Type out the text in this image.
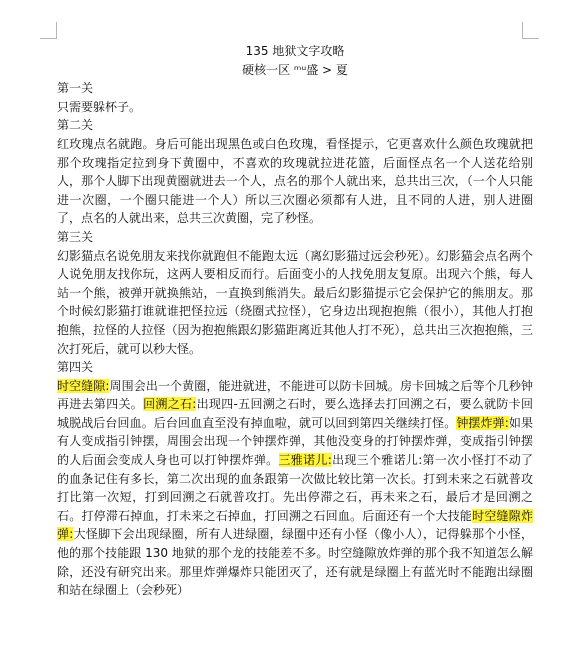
135 地狱文字攻略
硬核一区 ᵐᵘ盛 > 夏
第一关

只需要躲杯子。

第二关

红玫瑰点名就跑。身后可能出现黑色或白色玫瑰，看怪提示，它更喜欢什么颜色玫瑰就把那个玫瑰指定拉到身下黄圈中，不喜欢的玫瑰就拉进花篮，后面怪点名一个人送花给别人，那个人脚下出现黄圈就进去一个人，点名的那个人就出来，总共出三次，（一个人只能进一次圈，一个圈只能进一个人）所以三次圈必须都有人进，且不同的人进，别人进圈了，点名的人就出来，总共三次黄圈，完了秒怪。

第三关

幻影猫点名说免朋友来找你就跑但不能跑太远（离幻影猫过远会秒死）。幻影猫会点名两个人说免朋友找你玩，这两人要相反而行。后面变小的人找免朋友复原。出现六个熊，每人站一个熊，被弹开就换熊站，一直换到熊消失。最后幻影猫提示它会保护它的熊朋友。那个时候幻影猫打谁就谁把怪拉远（绕圈式拉怪），它身边出现抱抱熊（很小），其他人打抱抱熊，拉怪的人拉怪（因为抱抱熊跟幻影猫距离近其他人打不死），总共出三次抱抱熊，三次打死后，就可以秒大怪。

第四关

时空缝隙:周围会出一个黄圈，能进就进，不能进可以防卡回城。房卡回城之后等个几秒钟再进去第四关。回溯之石:出现四-五回溯之石时，要么选择去打回溯之石，要么就防卡回城脱战后台回血。后台回血直至没有掉血啦，就可以回到第四关继续打怪。钟摆炸弹:如果有人变成指引钟摆，周围会出现一个钟摆炸弹，其他没变身的打钟摆炸弹，变成指引钟摆的人后面会变成人身也可以打钟摆炸弹。三雅诺儿:出现三个雅诺儿:第一次小怪打不动了的血条记住有多长，第二次出现的血条跟第一次做比较比第一次长。打到未来之石就普攻打比第一次短，打到回溯之石就普攻打。先出停滞之石，再未来之石，最后才是回溯之石。打停滞石掉血，打未来之石掉血，打回溯之石回血。后面还有一个大技能时空缝隙炸弹:大怪脚下会出现绿圈，所有人进绿圈，绿圈中还有小怪（像小人），记得躲那个小怪，他的那个技能跟 130 地狱的那个龙的技能差不多。时空缝隙放炸弹的那个我不知道怎么解除，还没有研究出来。那里炸弹爆炸只能团灭了，还有就是绿圈上有蓝光时不能跑出绿圈和站在绿圈上（会秒死）
